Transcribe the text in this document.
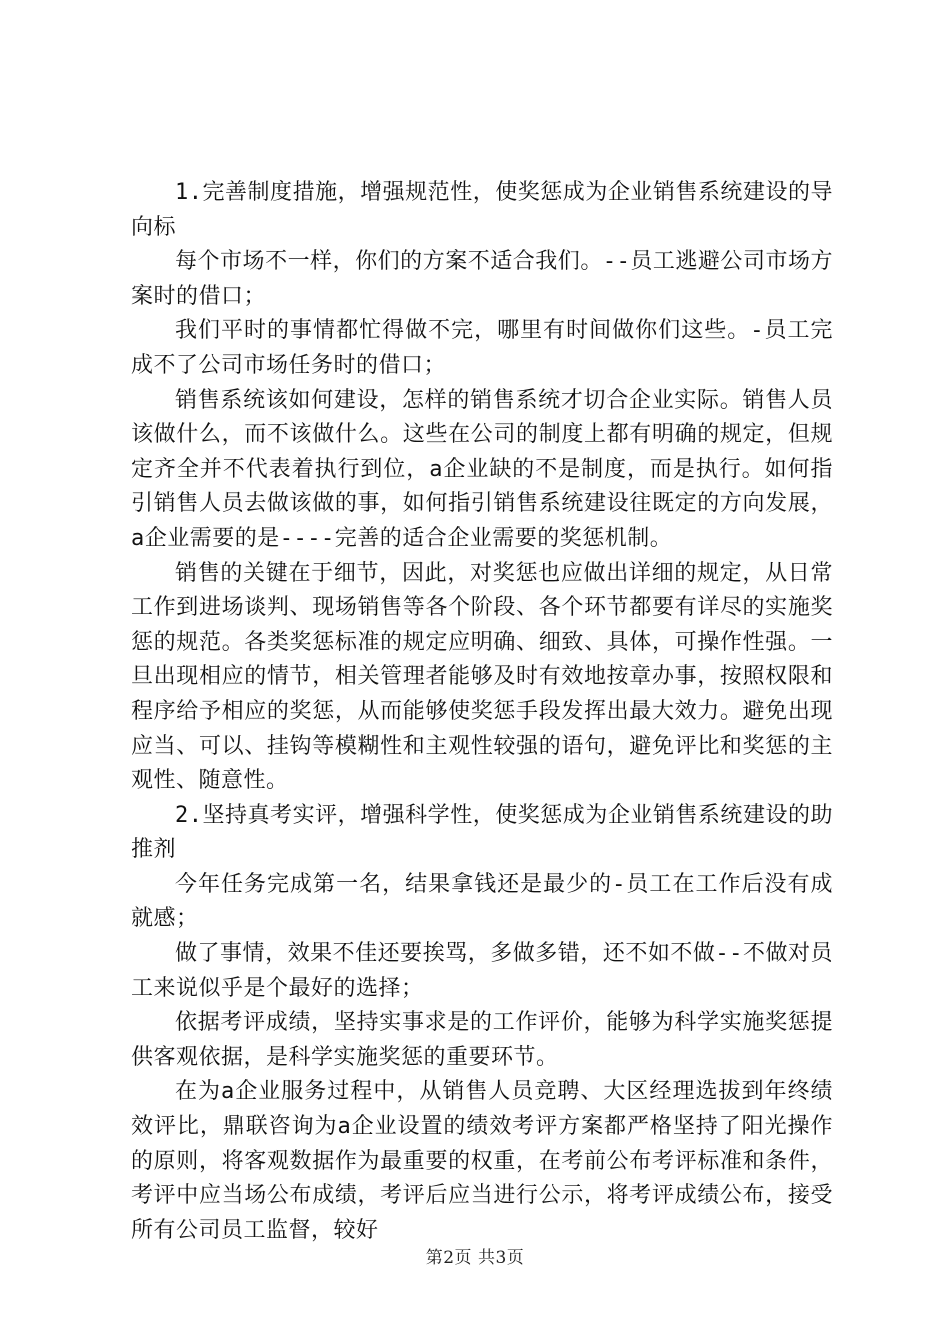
1.完善制度措施，增强规范性，使奖惩成为企业销售系统建设的导向标

每个市场不一样，你们的方案不适合我们。--员工逃避公司市场方案时的借口；

我们平时的事情都忙得做不完，哪里有时间做你们这些。-员工完成不了公司市场任务时的借口；

销售系统该如何建设，怎样的销售系统才切合企业实际。销售人员该做什么，而不该做什么。这些在公司的制度上都有明确的规定，但规定齐全并不代表着执行到位，a企业缺的不是制度，而是执行。如何指引销售人员去做该做的事，如何指引销售系统建设往既定的方向发展，a企业需要的是----完善的适合企业需要的奖惩机制。

销售的关键在于细节，因此，对奖惩也应做出详细的规定，从日常工作到进场谈判、现场销售等各个阶段、各个环节都要有详尽的实施奖惩的规范。各类奖惩标准的规定应明确、细致、具体，可操作性强。一旦出现相应的情节，相关管理者能够及时有效地按章办事，按照权限和程序给予相应的奖惩，从而能够使奖惩手段发挥出最大效力。避免出现应当、可以、挂钩等模糊性和主观性较强的语句，避免评比和奖惩的主观性、随意性。

2.坚持真考实评，增强科学性，使奖惩成为企业销售系统建设的助推剂

今年任务完成第一名，结果拿钱还是最少的-员工在工作后没有成就感；

做了事情，效果不佳还要挨骂，多做多错，还不如不做--不做对员工来说似乎是个最好的选择；

依据考评成绩，坚持实事求是的工作评价，能够为科学实施奖惩提供客观依据，是科学实施奖惩的重要环节。

在为a企业服务过程中，从销售人员竞聘、大区经理选拔到年终绩效评比，鼎联咨询为a企业设置的绩效考评方案都严格坚持了阳光操作的原则，将客观数据作为最重要的权重，在考前公布考评标准和条件，考评中应当场公布成绩，考评后应当进行公示，将考评成绩公布，接受所有公司员工监督，较好

第2页 共3页
